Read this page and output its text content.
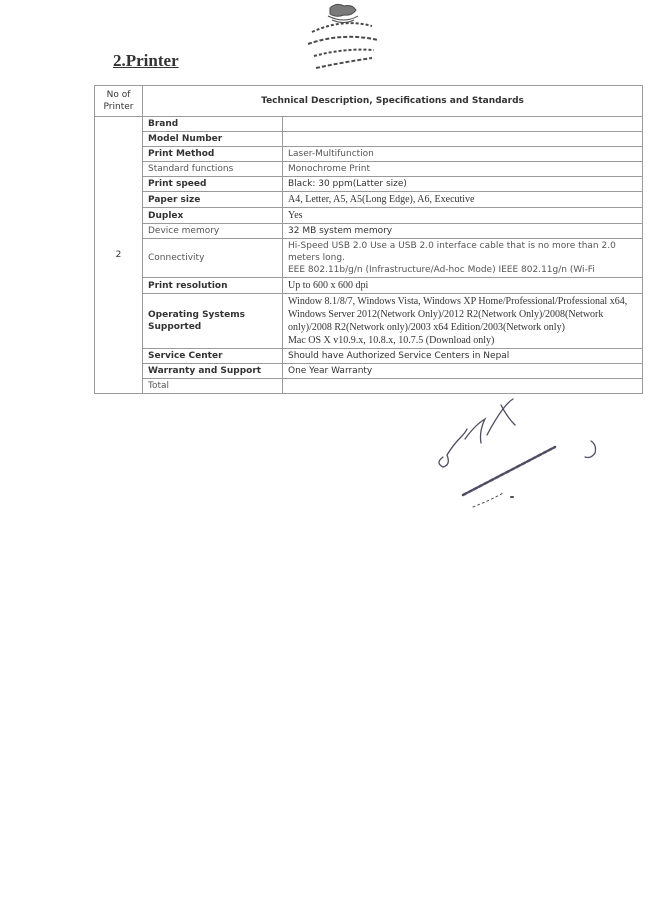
2.Printer
No of Printer	Technical Description, Specifications and Standards	
2	Brand	
	Model Number	
	Print Method	Laser-Multifunction

	Standard functions	Monochrome Print

	Print speed	Black: 30 ppm(Latter size)

	Paper size	A4, Letter, A5, A5(Long Edge), A6, Executive

	Duplex	Yes

	Device memory	32 MB system memory

	Connectivity	Hi-Speed USB 2.0 Use a USB 2.0 interface cable that is no more than 2.0 meters long.
EEE 802.11b/g/n (Infrastructure/Ad-hoc Mode) IEEE 802.11g/n (Wi-Fi

	Print resolution	Up to 600 x 600 dpi

	Operating Systems Supported	Window 8.1/8/7, Windows Vista, Windows XP Home/Professional/Professional x64, Windows Server 2012(Network Only)/2012 R2(Network Only)/2008(Network only)/2008 R2(Network only)/2003 x64 Edition/2003(Network only)
Mac OS X v10.9.x, 10.8.x, 10.7.5 (Download only)

	Service Center	Should have Authorized Service Centers in Nepal

	Warranty and Support	One Year Warranty

	Total	
